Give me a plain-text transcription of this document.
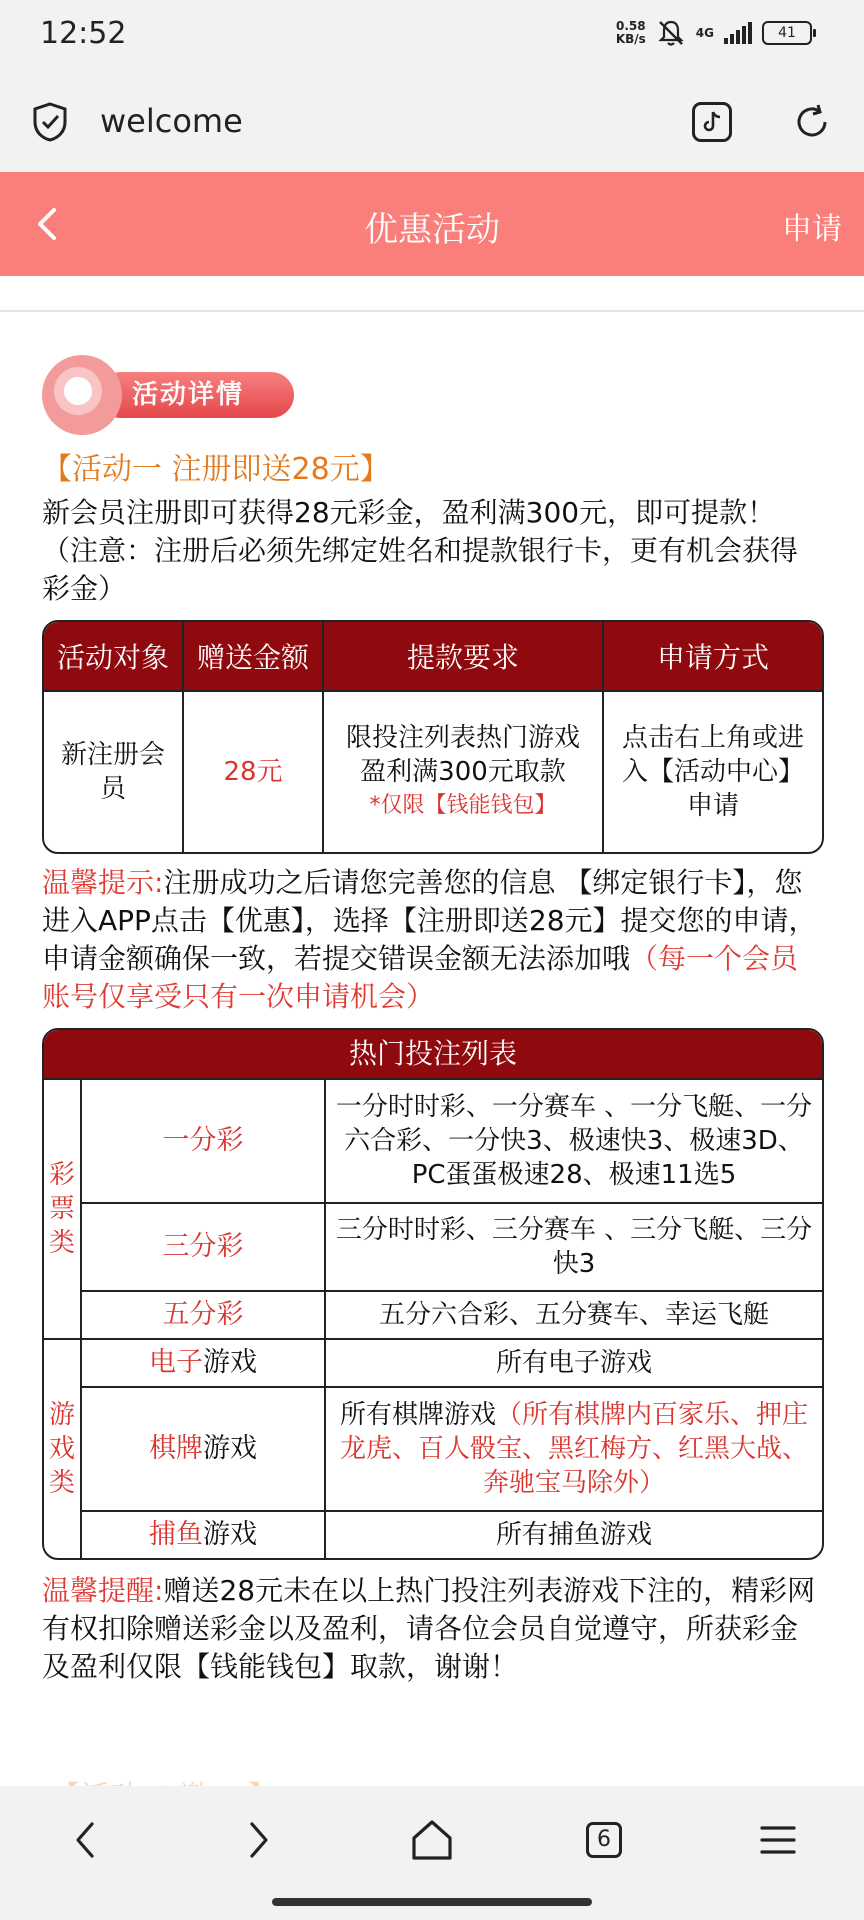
12:52	0.58
KB/s	4G	41
welcome
优惠活动	申请
活动详情
【活动一 注册即送28元】
新会员注册即可获得28元彩金，盈利满300元，即可提款！（注意：注册后必须先绑定姓名和提款银行卡，更有机会获得彩金）
活动对象	赠送金额	提款要求	申请方式
新注册会员	28元	限投注列表热门游戏
盈利满300元取款
*仅限【钱能钱包】	点击右上角或进入【活动中心】申请
温馨提示:注册成功之后请您完善您的信息 【绑定银行卡】，您进入APP点击【优惠】，选择【注册即送28元】提交您的申请，申请金额确保一致，若提交错误金额无法添加哦（每一个会员账号仅享受只有一次申请机会）
热门投注列表		
彩票类	一分彩	一分时时彩、一分赛车 、一分飞艇、一分六合彩、一分快3、极速快3、极速3D、PC蛋蛋极速28、极速11选5
	三分彩	三分时时彩、三分赛车 、三分飞艇、三分快3
	五分彩	五分六合彩、五分赛车、幸运飞艇
游戏类	电子游戏	所有电子游戏
	棋牌游戏	所有棋牌游戏（所有棋牌内百家乐、押庄龙虎、百人骰宝、黑红梅方、红黑大战、奔驰宝马除外）
	捕鱼游戏	所有捕鱼游戏
温馨提醒:赠送28元未在以上热门投注列表游戏下注的，精彩网有权扣除赠送彩金以及盈利，请各位会员自觉遵守，所获彩金及盈利仅限【钱能钱包】取款，谢谢！
6
